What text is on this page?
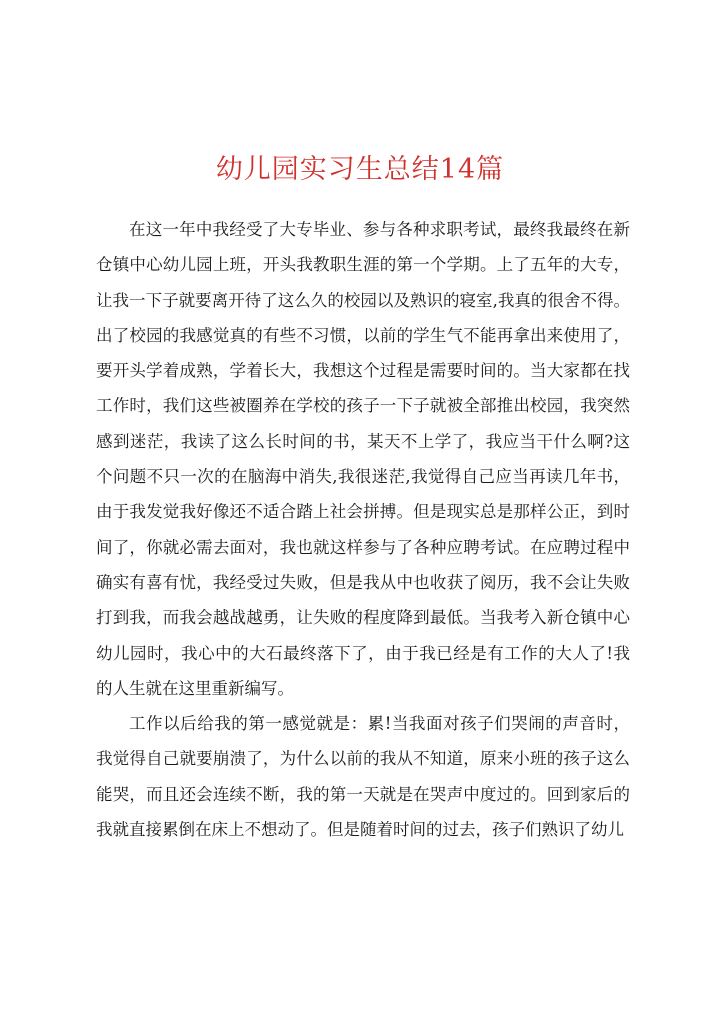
幼儿园实习生总结14篇

在这一年中我经受了大专毕业、参与各种求职考试，最终我最终在新仓镇中心幼儿园上班，开头我教职生涯的第一个学期。上了五年的大专，让我一下子就要离开待了这么久的校园以及熟识的寝室,我真的很舍不得。出了校园的我感觉真的有些不习惯，以前的学生气不能再拿出来使用了，要开头学着成熟，学着长大，我想这个过程是需要时间的。当大家都在找工作时，我们这些被圈养在学校的孩子一下子就被全部推出校园，我突然感到迷茫，我读了这么长时间的书，某天不上学了，我应当干什么啊?这个问题不只一次的在脑海中消失,我很迷茫,我觉得自己应当再读几年书，由于我发觉我好像还不适合踏上社会拼搏。但是现实总是那样公正，到时间了，你就必需去面对，我也就这样参与了各种应聘考试。在应聘过程中确实有喜有忧，我经受过失败，但是我从中也收获了阅历，我不会让失败打到我，而我会越战越勇，让失败的程度降到最低。当我考入新仓镇中心幼儿园时，我心中的大石最终落下了，由于我已经是有工作的大人了!我的人生就在这里重新编写。

工作以后给我的第一感觉就是：累!当我面对孩子们哭闹的声音时，我觉得自己就要崩溃了，为什么以前的我从不知道，原来小班的孩子这么能哭，而且还会连续不断，我的第一天就是在哭声中度过的。回到家后的我就直接累倒在床上不想动了。但是随着时间的过去，孩子们熟识了幼儿
